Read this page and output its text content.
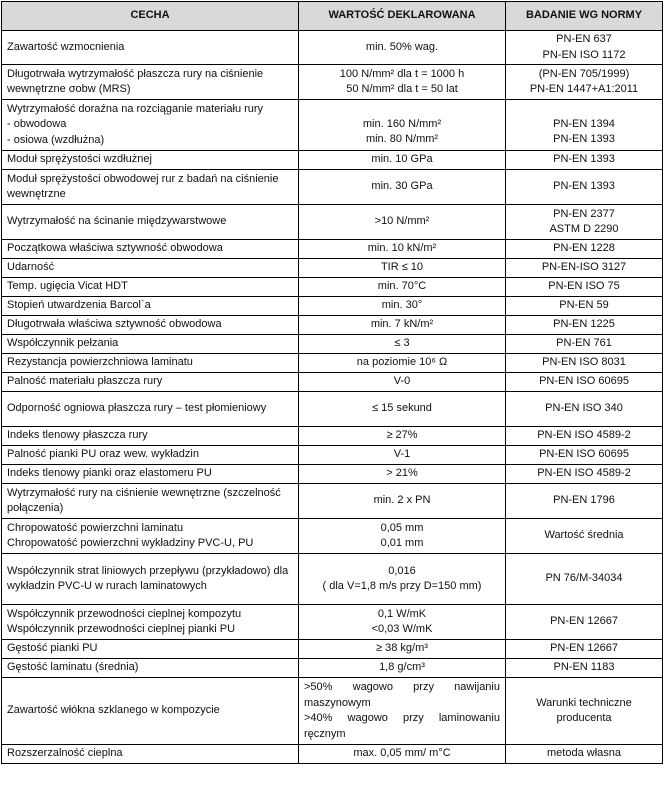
CECHA	WARTOŚĆ DEKLAROWANA	BADANIE WG NORMY

Zawartość wzmocnienia	min. 50% wag.	PN-EN 637
PN-EN ISO 1172

Długotrwała wytrzymałość płaszcza rury na ciśnienie wewnętrzne σobw (MRS)	100 N/mm² dla t = 1000 h
50 N/mm² dla t = 50 lat	(PN-EN 705/1999)
PN-EN 1447+A1:2011

Wytrzymałość doraźna na rozciąganie materiału rury
- obwodowa
- osiowa (wzdłużna)	min. 160 N/mm²
min. 80 N/mm²	PN-EN 1394
PN-EN 1393

Moduł sprężystości wzdłużnej	min. 10 GPa	PN-EN 1393

Moduł sprężystości obwodowej rur z badań na ciśnienie wewnętrzne	min. 30 GPa	PN-EN 1393

Wytrzymałość na ścinanie międzywarstwowe	>10 N/mm²	PN-EN 2377
ASTM D 2290

Początkowa właściwa sztywność obwodowa	min. 10 kN/m²	PN-EN 1228

Udarność	TIR ≤ 10	PN-EN-ISO 3127

Temp. ugięcia Vicat HDT	min. 70°C	PN-EN ISO 75

Stopień utwardzenia Barcol`a	min. 30°	PN-EN 59

Długotrwała właściwa sztywność obwodowa	min. 7 kN/m²	PN-EN 1225

Współczynnik pełzania	≤ 3	PN-EN 761

Rezystancja powierzchniowa laminatu	na poziomie 10⁶ Ω	PN-EN ISO 8031

Palność materiału płaszcza rury	V-0	PN-EN ISO 60695

Odporność ogniowa płaszcza rury – test płomieniowy	≤ 15 sekund	PN-EN ISO 340

Indeks tlenowy płaszcza rury	≥ 27%	PN-EN ISO 4589-2

Palność pianki PU oraz wew. wykładzin	V-1	PN-EN ISO 60695

Indeks tlenowy pianki oraz elastomeru PU	> 21%	PN-EN ISO 4589-2

Wytrzymałość rury na ciśnienie wewnętrzne (szczelność połączenia)	min. 2 x PN	PN-EN 1796

Chropowatość powierzchni laminatu
Chropowatość powierzchni wykładziny PVC-U, PU	0,05 mm
0,01 mm	Wartość średnia

Współczynnik strat liniowych przepływu (przykładowo) dla wykładzin PVC-U w rurach laminatowych	0,016
( dla V=1,8 m/s przy D=150 mm)	PN 76/M-34034

Współczynnik przewodności cieplnej kompozytu
Współczynnik przewodności cieplnej pianki PU	0,1 W/mK
<0,03 W/mK	PN-EN 12667

Gęstość pianki PU	≥ 38 kg/m³	PN-EN 12667

Gęstość laminatu (średnia)	1,8 g/cm³	PN-EN 1183

Zawartość włókna szklanego w kompozycie	>50% wagowo przy nawijaniu maszynowym
>40% wagowo przy laminowaniu ręcznym	Warunki techniczne
producenta

Rozszerzalność cieplna	max. 0,05 mm/ m°C	metoda własna
